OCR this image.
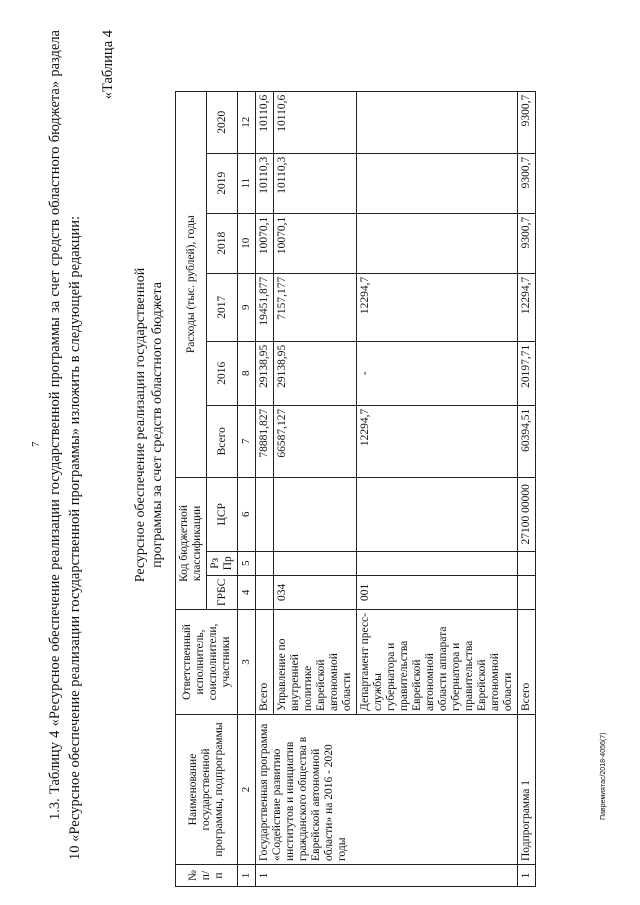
7
Павремиятас/2018-4056(7)

1.3. Таблицу 4 «Ресурсное обеспечение реализации государственной программы за счет средств областного бюджета» раздела 10 «Ресурсное обеспечение реализации государственной программы» изложить в следующей редакции:

«Таблица 4
Ресурсное обеспечение реализации государственной программы за счет средств областного бюджета
№ п/п	Наименование государственной программы, подпрограммы	Ответственный исполнитель, соисполнители, участники	Код бюджетной классификации			Расходы (тыс. рублей), годы					
			ГРБС	Рз Пр	ЦСР	Всего	2016	2017	2018	2019	2020
1	2	3	4	5	6	7	8	9	10	11	12
1	Государственная программа «Содействие развитию институтов и инициатив гражданского общества в Еврейской автономной области» на 2016 - 2020 годы	Всего				78881,827	29138,95	19451,877	10070,1	10110,3	10110,6
		Управление по внутренней политике Еврейской автономной области	034			66587,127	29138,95	7157,177	10070,1	10110,3	10110,6
		Департамент пресс-службы губернатора и правительства Еврейской автономной области аппарата губернатора и правительства Еврейской автономной области	001			12294,7	-	12294,7			
1	Подпрограмма 1	Всего			27100 00000	60394,51	20197,71	12294,7	9300,7	9300,7	9300,7
